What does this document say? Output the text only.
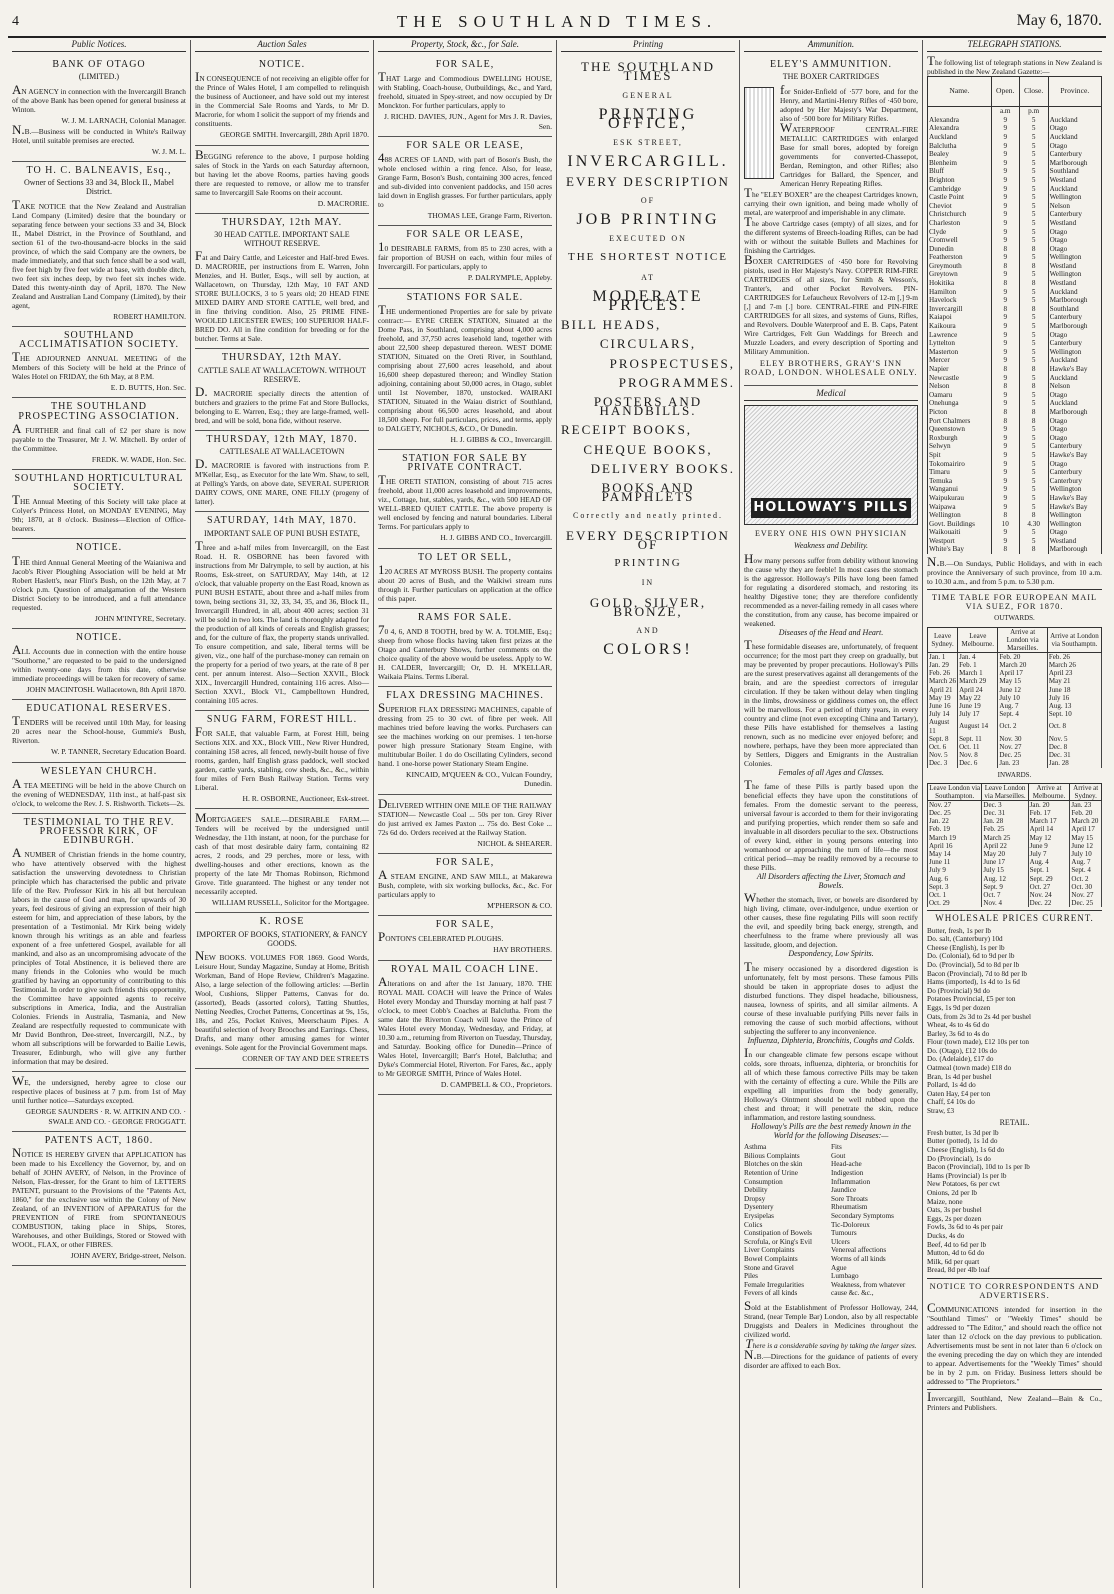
4	THE SOUTHLAND TIMES.	May 6, 1870.
Public Notices.
BANK OF OTAGO
(LIMITED.)
AN AGENCY in connection with the Invercargill Branch of the above Bank has been opened for general business at Winton.
W. J. M. LARNACH, Colonial Manager.
N.B.—Business will be conducted in White's Railway Hotel, until suitable premises are erected.
W. J. M. L.
TO H. C. BALNEAVIS, Esq.,
Owner of Sections 33 and 34, Block II., Mabel District.
TAKE NOTICE that the New Zealand and Australian Land Company (Limited) desire that the boundary or separating fence between your sections 33 and 34, Block II., Mabel District, in the Province of Southland, and section 61 of the two-thousand-acre blocks in the said province, of which the said Company are the owners, be made immediately, and that such fence shall be a sod wall, five feet high by five feet wide at base, with double ditch, two feet six inches deep, by two feet six inches wide. Dated this twenty-ninth day of April, 1870. The New Zealand and Australian Land Company (Limited), by their agent,
ROBERT HAMILTON.
SOUTHLAND ACCLIMATISATION SOCIETY.
THE ADJOURNED ANNUAL MEETING of the Members of this Society will be held at the Prince of Wales Hotel on FRIDAY, the 6th May, at 8 P.M.
E. D. BUTTS, Hon. Sec.
THE SOUTHLAND PROSPECTING ASSOCIATION.
A FURTHER and final call of £2 per share is now payable to the Treasurer, Mr J. W. Mitchell. By order of the Committee.
FREDK. W. WADE, Hon. Sec.
SOUTHLAND HORTICULTURAL SOCIETY.
THE Annual Meeting of this Society will take place at Colyer's Princess Hotel, on MONDAY EVENING, May 9th; 1870, at 8 o'clock. Business—Election of Office-bearers.
NOTICE.
THE third Annual General Meeting of the Waianiwa and Jacob's River Ploughing Association will be held at Mr Robert Haslett's, near Flint's Bush, on the 12th May, at 7 o'clock p.m. Question of amalgamation of the Western District Society to be introduced, and a full attendance requested.
JOHN M'INTYRE, Secretary.
NOTICE.
ALL Accounts due in connection with the entire house "Southorne," are requested to be paid to the undersigned within twenty-one days from this date, otherwise immediate proceedings will be taken for recovery of same.
JOHN MACINTOSH. Wallacetown, 8th April 1870.
EDUCATIONAL RESERVES.
TENDERS will be received until 10th May, for leasing 20 acres near the School-house, Gummie's Bush, Riverton.
W. P. TANNER, Secretary Education Board.
WESLEYAN CHURCH.
A TEA MEETING will be held in the above Church on the evening of WEDNESDAY, 11th inst., at half-past six o'clock, to welcome the Rev. J. S. Rishworth. Tickets—2s.
TESTIMONIAL TO THE REV. PROFESSOR KIRK, OF EDINBURGH.
A NUMBER of Christian friends in the home country, who have attentively observed with the highest satisfaction the unswerving devotedness to Christian principle which has characterised the public and private life of the Rev. Professor Kirk in his all but herculean labors in the cause of God and man, for upwards of 30 years, feel desirous of giving an expression of their high esteem for him, and appreciation of these labors, by the presentation of a Testimonial. Mr Kirk being widely known through his writings as an able and fearless exponent of a free unfettered Gospel, available for all mankind, and also as an uncompromising advocate of the principles of Total Abstinence, it is believed there are many friends in the Colonies who would be much gratified by having an opportunity of contributing to this Testimonial. In order to give such friends this opportunity, the Committee have appointed agents to receive subscriptions in America, India, and the Australian Colonies. Friends in Australia, Tasmania, and New Zealand are respectfully requested to communicate with Mr David Bonthron, Dee-street, Invercargill, N.Z., by whom all subscriptions will be forwarded to Bailie Lewis, Treasurer, Edinburgh, who will give any further information that may be desired.
WE, the undersigned, hereby agree to close our respective places of business at 7 p.m. from 1st of May until further notice—Saturdays excepted.
GEORGE SAUNDERS · R. W. AITKIN AND CO. · SWALE AND CO. · GEORGE FROGGATT.
PATENTS ACT, 1860.
NOTICE IS HEREBY GIVEN that APPLICATION has been made to his Excellency the Governor, by, and on behalf of JOHN AVERY, of Nelson, in the Province of Nelson, Flax-dresser, for the Grant to him of LETTERS PATENT, pursuant to the Provisions of the "Patents Act, 1860," for the exclusive use within the Colony of New Zealand, of an INVENTION of APPARATUS for the PREVENTION of FIRE from SPONTANEOUS COMBUSTION, taking place in Ships, Stores, Warehouses, and other Buildings, Stored or Stowed with WOOL, FLAX, or other FIBRES.
JOHN AVERY, Bridge-street, Nelson.
Auction Sales
NOTICE.
IN CONSEQUENCE of not receiving an eligible offer for the Prince of Wales Hotel, I am compelled to relinquish the business of Auctioneer, and have sold out my interest in the Commercial Sale Rooms and Yards, to Mr D. Macrorie, for whom I solicit the support of my friends and constituents.
GEORGE SMITH. Invercargill, 28th April 1870.
BEGGING reference to the above, I purpose holding sales of Stock in the Yards on each Saturday afternoon, but having let the above Rooms, parties having goods there are requested to remove, or allow me to transfer same to Invercargill Sale Rooms on their account.
D. MACRORIE.
THURSDAY, 12th MAY.
30 HEAD CATTLE. IMPORTANT SALE WITHOUT RESERVE.
Fat and Dairy Cattle, and Leicester and Half-bred Ewes. D. MACRORIE, per instructions from E. Warren, John Menzies, and H. Butler, Esqs., will sell by auction, at Wallacetown, on Thursday, 12th May, 10 FAT AND STORE BULLOCKS, 3 to 5 years old; 20 HEAD FINE MIXED DAIRY AND STORE CATTLE, well bred, and in fine thriving condition. Also, 25 PRIME FINE-WOOLED LEICESTER EWES; 100 SUPERIOR HALF-BRED DO. All in fine condition for breeding or for the butcher. Terms at Sale.
THURSDAY, 12th MAY.
CATTLE SALE AT WALLACETOWN. WITHOUT RESERVE.
D. MACRORIE specially directs the attention of butchers and graziers to the prime Fat and Store Bullocks, belonging to E. Warren, Esq.; they are large-framed, well-bred, and will be sold, bona fide, without reserve.
THURSDAY, 12th MAY, 1870.
CATTLESALE AT WALLACETOWN
D. MACRORIE is favored with instructions from P. M'Kellar, Esq., as Executor for the late Wm. Shaw, to sell, at Pelling's Yards, on above date, SEVERAL SUPERIOR DAIRY COWS, ONE MARE, ONE FILLY (progeny of latter).
SATURDAY, 14th MAY, 1870.
IMPORTANT SALE OF PUNI BUSH ESTATE,
Three and a-half miles from Invercargill, on the East Road. H. R. OSBORNE has been favored with instructions from Mr Dalrymple, to sell by auction, at his Rooms, Esk-street, on SATURDAY, May 14th, at 12 o'clock, that valuable property on the East Road, known as PUNI BUSH ESTATE, about three and a-half miles from town, being sections 31, 32, 33, 34, 35, and 36, Block II., Invercargill Hundred, in all, about 400 acres; section 31 will be sold in two lots. The land is thoroughly adapted for the production of all kinds of cereals and English grasses; and, for the culture of flax, the property stands unrivalled. To ensure competition, and sale, liberal terms will be given, viz., one half of the purchase-money can remain on the property for a period of two years, at the rate of 8 per cent. per annum interest. Also—Section XXVII., Block XIX., Invercargill Hundred, containing 116 acres. Also—Section XXVI., Block VI., Campbelltown Hundred, containing 105 acres.
SNUG FARM, FOREST HILL.
FOR SALE, that valuable Farm, at Forest Hill, being Sections XIX. and XX., Block VIII., New River Hundred, containing 158 acres, all fenced, newly-built house of five rooms, garden, half English grass paddock, well stocked garden, cattle yards, stabling, cow sheds, &c., &c., within four miles of Fern Bush Railway Station. Terms very Liberal.
H. R. OSBORNE, Auctioneer, Esk-street.
MORTGAGEE'S SALE.—DESIRABLE FARM.—Tenders will be received by the undersigned until Wednesday, the 11th instant, at noon, for the purchase for cash of that most desirable dairy farm, containing 82 acres, 2 roods, and 29 perches, more or less, with dwelling-houses and other erections, known as the property of the late Mr Thomas Robinson, Richmond Grove. Title guaranteed. The highest or any tender not necessarily accepted.
WILLIAM RUSSELL, Solicitor for the Mortgagee.
K. ROSE
IMPORTER OF BOOKS, STATIONERY, & FANCY GOODS.
NEW BOOKS. VOLUMES FOR 1869. Good Words, Leisure Hour, Sunday Magazine, Sunday at Home, British Workman, Band of Hope Review, Children's Magazine. Also, a large selection of the following articles: —Berlin Wool, Cushions, Slipper Patterns, Canvas for do. (assorted), Beads (assorted colors), Tatting Shuttles, Netting Needles, Crochet Patterns, Concertinas at 9s, 15s, 18s, and 25s, Pocket Knives, Meerschaum Pipes. A beautiful selection of Ivory Brooches and Earrings. Chess, Drafts, and many other amusing games for winter evenings. Sole agent for the Provincial Government maps.
CORNER OF TAY AND DEE STREETS
Property, Stock, &c., for Sale.
FOR SALE,
THAT Large and Commodious DWELLING HOUSE, with Stabling, Coach-house, Outbuildings, &c., and Yard, freehold, situated in Spey-street, and now occupied by Dr Monckton. For further particulars, apply to
J. RICHD. DAVIES, JUN., Agent for Mrs J. R. Davies, Sen.
FOR SALE OR LEASE,
488 ACRES OF LAND, with part of Boson's Bush, the whole enclosed within a ring fence. Also, for lease, Grange Farm, Boson's Bush, containing 300 acres, fenced and sub-divided into convenient paddocks, and 150 acres laid down in English grasses. For further particulars, apply to
THOMAS LEE, Grange Farm, Riverton.
FOR SALE OR LEASE,
10 DESIRABLE FARMS, from 85 to 230 acres, with a fair proportion of BUSH on each, within four miles of Invercargill. For particulars, apply to
P. DALRYMPLE, Appleby.
STATIONS FOR SALE.
THE undermentioned Properties are for sale by private contract:— EYRE CREEK STATION, Situated at the Dome Pass, in Southland, comprising about 4,000 acres freehold, and 37,750 acres leasehold land, together with about 22,500 sheep depastured thereon. WEST DOME STATION, Situated on the Oreti River, in Southland, comprising about 27,600 acres leasehold, and about 16,600 sheep depastured thereon; and Windley Station adjoining, containing about 50,000 acres, in Otago, sublet until 1st November, 1870, unstocked. WAIRAKI STATION, Situated in the Waiau district of Southland, comprising about 66,500 acres leasehold, and about 18,500 sheep. For full particulars, prices, and terms, apply to DALGETY, NICHOLS, &CO., Or Dunedin.
H. J. GIBBS & CO., Invercargill.
STATION FOR SALE BY PRIVATE CONTRACT.
THE ORETI STATION, consisting of about 715 acres freehold, about 11,000 acres leasehold and improvements, viz., Cottage, hut, stables, yards, &c., with 500 HEAD OF WELL-BRED QUIET CATTLE. The above property is well enclosed by fencing and natural boundaries. Liberal Terms. For particulars apply to
H. J. GIBBS AND CO., Invercargill.
TO LET OR SELL,
120 ACRES AT MYROSS BUSH. The property contains about 20 acres of Bush, and the Waikiwi stream runs through it. Further particulars on application at the office of this paper.
RAMS FOR SALE.
70 4, 6, AND 8 TOOTH, bred by W. A. TOLMIE, Esq.; sheep from whose flocks having taken first prizes at the Otago and Canterbury Shows, further comments on the choice quality of the above would be useless. Apply to W. H. CALDER, Invercargill; Or, D. H. M'KELLAR, Waikaia Plains. Terms Liberal.
FLAX DRESSING MACHINES.
SUPERIOR FLAX DRESSING MACHINES, capable of dressing from 25 to 30 cwt. of fibre per week. All machines tried before leaving the works. Purchasers can see the machines working on our premises. 1 ten-horse power high pressure Stationary Steam Engine, with multitubular Boiler. 1 do do Oscillating Cylinders, second hand. 1 one-horse power Stationary Steam Engine.
KINCAID, M'QUEEN & CO., Vulcan Foundry, Dunedin.
DELIVERED WITHIN ONE MILE OF THE RAILWAY STATION— Newcastle Coal ... 50s per ton. Grey River do just arrived ex James Paxton ... 75s do. Best Coke ... 72s 6d do. Orders received at the Railway Station.
NICHOL & SHEARER.
FOR SALE,
A STEAM ENGINE, AND SAW MILL, at Makarewa Bush, complete, with six working bullocks, &c., &c. For particulars apply to
M'PHERSON & CO.
FOR SALE,
PONTON'S CELEBRATED PLOUGHS.
HAY BROTHERS.
ROYAL MAIL COACH LINE.
Alterations on and after the 1st January, 1870. THE ROYAL MAIL COACH will leave the Prince of Wales Hotel every Monday and Thursday morning at half past 7 o'clock, to meet Cobb's Coaches at Balclutha. From the same date the Riverton Coach will leave the Prince of Wales Hotel every Monday, Wednesday, and Friday, at 10.30 a.m., returning from Riverton on Tuesday, Thursday, and Saturday. Booking office for Dunedin—Prince of Wales Hotel, Invercargill; Barr's Hotel, Balclutha; and Dyke's Commercial Hotel, Riverton. For Fares, &c., apply to Mr GEORGE SMITH, Prince of Wales Hotel.
D. CAMPBELL & CO., Proprietors.
Printing
THE SOUTHLAND TIMES
GENERAL
PRINTING OFFICE,
ESK STREET,
INVERCARGILL.
EVERY DESCRIPTION
OF
JOB PRINTING
EXECUTED ON
THE SHORTEST NOTICE
AT
MODERATE PRICES.
BILL HEADS,
CIRCULARS,
PROSPECTUSES,
PROGRAMMES.
POSTERS AND HANDBILLS.
RECEIPT BOOKS,
CHEQUE BOOKS,
DELIVERY BOOKS.
BOOKS AND PAMPHLETS
Correctly and neatly printed.
EVERY DESCRIPTION OF
PRINTING
IN
GOLD, SILVER, BRONZE,
AND
COLORS!
Ammunition.
ELEY'S AMMUNITION.
THE BOXER CARTRIDGES
for Snider-Enfield of ·577 bore, and for the Henry, and Martini-Henry Rifles of ·450 bore, adopted by Her Majesty's War Department, also of ·500 bore for Military Rifles.
WATERPROOF CENTRAL-FIRE METALLIC CARTRIDGES with enlarged Base for small bores, adopted by foreign governments for converted-Chassepot, Berdan, Remington, and other Rifles; also Cartridges for Ballard, the Spencer, and American Henry Repeating Rifles.
The "ELEY BOXER" are the cheapest Cartridges known, carrying their own ignition, and being made wholly of metal, are waterproof and imperishable in any climate.
The above Cartridge cases (empty) of all sizes, and for the different systems of Breech-loading Rifles, can be had with or without the suitable Bullets and Machines for finishing the Cartridges.
BOXER CARTRIDGES of ·450 bore for Revolving pistols, used in Her Majesty's Navy. COPPER RIM-FIRE CARTRIDGES of all sizes, for Smith & Wesson's, Tranter's, and other Pocket Revolvers. PIN-CARTRIDGES for Lefaucheux Revolvers of 12-m [,] 9-m [,] and 7-m [.] bore. CENTRAL-FIRE and PIN-FIRE CARTRIDGES for all sizes, and systems of Guns, Rifles, and Revolvers. Double Waterproof and E. B. Caps, Patent Wire Cartridges, Felt Gun Waddings for Breech and Muzzle Loaders, and every description of Sporting and Military Ammunition.
ELEY BROTHERS, GRAY'S INN ROAD, LONDON. WHOLESALE ONLY.
Medical
HOLLOWAY'S PILLS
EVERY ONE HIS OWN PHYSICIAN
Weakness and Debility.
How many persons suffer from debility without knowing the cause why they are feeble! In most cases the stomach is the aggressor. Holloway's Pills have long been famed for regulating a disordered stomach, and restoring its healthy Digestive tone; they are therefore confidently recommended as a never-failing remedy in all cases where the constitution, from any cause, has become impaired or weakened.
Diseases of the Head and Heart.
These formidable diseases are, unfortunately, of frequent occurrence; for the most part they creep on gradually, but may be prevented by proper precautions. Holloway's Pills are the surest preservatives against all derangements of the brain, and are the speediest correctors of irregular circulation. If they be taken without delay when tingling in the limbs, drowsiness or giddiness comes on, the effect will be marvellous. For a period of thirty years, in every country and clime (not even excepting China and Tartary), these Pills have established for themselves a lasting renown, such as no medicine ever enjoyed before; and nowhere, perhaps, have they been more appreciated than by Settlers, Diggers and Emigrants in the Australian Colonies.
Females of all Ages and Classes.
The fame of these Pills is partly based upon the beneficial effects they have upon the constitutions of females. From the domestic servant to the peeress, universal favour is accorded to them for their invigorating and purifying properties, which render them so safe and invaluable in all disorders peculiar to the sex. Obstructions of every kind, either in young persons entering into womanhood or approaching the turn of life—the most critical period—may be readily removed by a recourse to these Pills.
All Disorders affecting the Liver, Stomach and Bowels.
Whether the stomach, liver, or bowels are disordered by high living, climate, over-indulgence, undue exertion or other causes, these fine regulating Pills will soon rectify the evil, and speedily bring back energy, strength, and cheerfulness to the frame where previously all was lassitude, gloom, and dejection.
Despondency, Low Spirits.
The misery occasioned by a disordered digestion is unfortunately, felt by most persons. These famous Pills should be taken in appropriate doses to adjust the disturbed functions. They dispel headache, biliousness, nausea, lowness of spirits, and all similar ailments. A course of these invaluable purifying Pills never fails in removing the cause of such morbid affections, without subjecting the sufferer to any inconvenience.
Influenza, Diphteria, Bronchitis, Coughs and Colds.
In our changeable climate few persons escape without colds, sore throats, influenza, diphteria, or bronchitis for all of which these famous corrective Pills may be taken with the certainty of effecting a cure. While the Pills are expelling all impurities from the body generally, Holloway's Ointment should be well rubbed upon the chest and throat; it will penetrate the skin, reduce inflammation, and restore lasting soundness.
Holloway's Pills are the best remedy known in the World for the following Diseases:—
Asthma
Bilious Complaints
Blotches on the skin
Retention of Urine
Consumption
Debility
Dropsy
Dysentery
Erysipelas
Colics
Constipation of Bowels
Scrofula, or King's Evil
Liver Complaints
Bowel Complaints
Stone and Gravel
Piles
Female Irregularities
Fevers of all kinds
Fits
Gout
Head-ache
Indigestion
Inflammation
Jaundice
Sore Throats
Rheumatism
Secondary Symptoms
Tic-Doloreux
Tumours
Ulcers
Venereal affections
Worms of all kinds
Ague
Lumbago
Weakness, from whatever cause &c. &c.,
Sold at the Establishment of Professor Holloway, 244, Strand, (near Temple Bar) London, also by all respectable Druggists and Dealers in Medicines throughout the civilized world.
There is a considerable saving by taking the larger sizes.
N.B.—Directions for the guidance of patients of every disorder are affixed to each Box.
TELEGRAPH STATIONS.
The following list of telegraph stations in New Zealand is published in the New Zealand Gazette:—
Name.	Open.	Close.	Province.
	a.m	p.m	
Alexandra	9	5	Auckland
Alexandra	9	5	Otago
Auckland	9	5	Auckland
Balclutha	9	5	Otago
Bealey	9	5	Canterbury
Blenheim	9	5	Marlborough
Bluff	9	5	Southland
Brighton	9	5	Westland
Cambridge	9	5	Auckland
Castle Point	9	5	Wellington
Cheviot	9	5	Nelson
Christchurch	9	5	Canterbury
Charleston	9	5	Westland
Clyde	9	5	Otago
Cromwell	9	5	Otago
Dunedin	8	8	Otago
Featherston	9	5	Wellington
Greymouth	8	8	Westland
Greytown	9	5	Wellington
Hokitika	8	8	Westland
Hamilton	9	5	Auckland
Havelock	9	5	Marlborough
Invercargill	8	8	Southland
Kaiapoi	9	5	Canterbury
Kaikoura	9	5	Marlborough
Lawrence	9	5	Otago
Lyttelton	9	5	Canterbury
Masterton	9	5	Wellington
Mercer	9	5	Auckland
Napier	8	8	Hawke's Bay
Newcastle	9	5	Auckland
Nelson	8	8	Nelson
Oamaru	9	5	Otago
Onehunga	9	5	Auckland
Picton	8	8	Marlborough
Port Chalmers	8	8	Otago
Queenstown	9	5	Otago
Roxburgh	9	5	Otago
Selwyn	9	5	Canterbury
Spit	9	5	Hawke's Bay
Tokomairiro	9	5	Otago
Timaru	9	5	Canterbury
Temuka	9	5	Canterbury
Wanganui	9	5	Wellington
Waipukurau	9	5	Hawke's Bay
Waipawa	9	5	Hawke's Bay
Wellington	8	8	Wellington
Govt. Buildings	10	4.30	Wellington
Waikouaiti	9	5	Otago
Westport	9	5	Westland
White's Bay	8	8	Marlborough
N.B.—On Sundays, Public Holidays, and with in each province the Anniversary of such province, from 10 a.m. to 10.30 a.m., and from 5 p.m. to 5.30 p.m.
TIME TABLE FOR EUROPEAN MAIL VIA SUEZ, FOR 1870.
OUTWARDS.
Leave Sydney.	Leave Melbourne.	Arrive at London via Marseilles.	Arrive at London via Southamptn.
Jan. 1	Jan. 4	Feb. 20	Feb. 26
Jan. 29	Feb. 1	March 20	March 26
Feb. 26	March 1	April 17	April 23
March 26	March 29	May 15	May 21
April 21	April 24	June 12	June 18
May 19	May 22	July 10	July 16
June 16	June 19	Aug. 7	Aug. 13
July 14	July 17	Sept. 4	Sept. 10
August 11	August 14	Oct. 2	Oct. 8
Sept. 8	Sept. 11	Nov. 30	Nov. 5
Oct. 6	Oct. 11	Nov. 27	Dec. 8
Nov. 5	Nov. 8	Dec. 25	Dec. 31
Dec. 3	Dec. 6	Jan. 23	Jan. 28
INWARDS.
Leave London via Southampton.	Leave London via Marseilles.	Arrive at Melbourne.	Arrive at Sydney.
Nov. 27	Dec. 3	Jan. 20	Jan. 23
Dec. 25	Dec. 31	Feb. 17	Feb. 20
Jan. 22	Jan. 28	March 17	March 20
Feb. 19	Feb. 25	April 14	April 17
March 19	March 25	May 12	May 15
April 16	April 22	June 9	June 12
May 14	May 20	July 7	July 10
June 11	June 17	Aug. 4	Aug. 7
July 9	July 15	Sept. 1	Sept. 4
Aug. 6	Aug. 12	Sept. 29	Oct. 2
Sept. 3	Sept. 9	Oct. 27	Oct. 30
Oct. 1	Oct. 7	Nov. 24	Nov. 27
Oct. 29	Nov. 4	Dec. 22	Dec. 25
WHOLESALE PRICES CURRENT.
Butter, fresh, 1s per lb
Do. salt, (Canterbury) 10d
Cheese (English), 1s per lb
Do. (Colonial), 6d to 9d per lb
Do. (Provincial), 5d to 8d per lb
Bacon (Provincial), 7d to 8d per lb
Hams (imported), 1s 4d to 1s 6d
Do (Provincial) 9d do
Potatoes Provincial, £5 per ton
Eggs, 1s 9d per dozen
Oats, from 2s 3d to 2s 4d per bushel
Wheat, 4s to 4s 6d do
Barley, 3s 6d to 4s do
Flour (town made), £12 10s per ton
Do. (Otago), £12 10s do
Do. (Adelaide), £17 do
Oatmeal (town made) £18 do
Bran, 1s 4d per bushel
Pollard, 1s 4d do
Oaten Hay, £4 per ton
Chaff, £4 10s do
Straw, £3
RETAIL.
Fresh butter, 1s 3d per lb
Butter (potted), 1s 1d do
Cheese (English), 1s 6d do
Do (Provincial), 1s do
Bacon (Provincial), 10d to 1s per lb
Hams (Provincial) 1s per lb
New Potatoes, 6s per cwt
Onions, 2d per lb
Maize, none
Oats, 3s per bushel
Eggs, 2s per dozen
Fowls, 3s 6d to 4s per pair
Ducks, 4s do
Beef, 4d to 6d per lb
Mutton, 4d to 6d do
Milk, 6d per quart
Bread, 8d per 4lb loaf
NOTICE TO CORRESPONDENTS AND ADVERTISERS.
COMMUNICATIONS intended for insertion in the "Southland Times" or "Weekly Times" should be addressed to "The Editor," and should reach the office not later than 12 o'clock on the day previous to publication. Advertisements must be sent in not later than 6 o'clock on the evening preceding the day on which they are intended to appear. Advertisements for the "Weekly Times" should be in by 2 p.m. on Friday. Business letters should be addressed to "The Proprietors."
Invercargill, Southland, New Zealand—Bain & Co., Printers and Publishers.
